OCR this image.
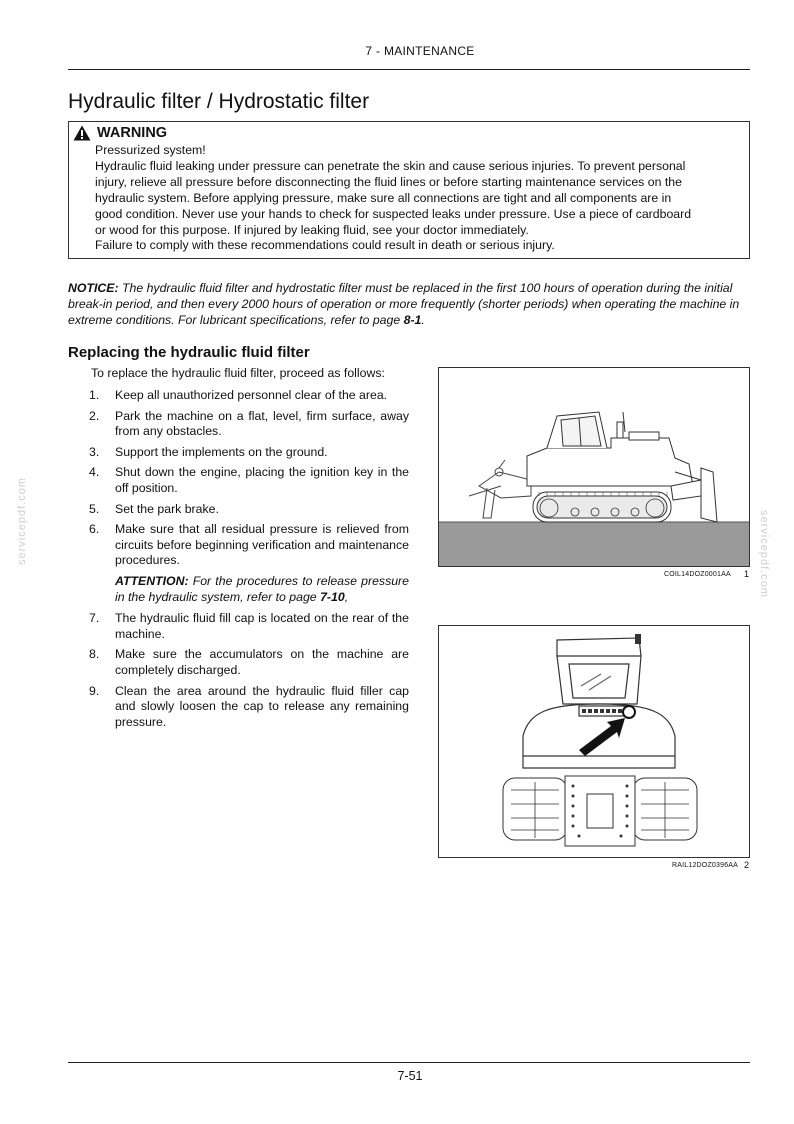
7 - MAINTENANCE
Hydraulic filter / Hydrostatic filter
WARNING
Pressurized system!
Hydraulic fluid leaking under pressure can penetrate the skin and cause serious injuries. To prevent personal
injury, relieve all pressure before disconnecting the fluid lines or before starting maintenance services on the
hydraulic system. Before applying pressure, make sure all connections are tight and all components are in
good condition. Never use your hands to check for suspected leaks under pressure. Use a piece of cardboard
or wood for this purpose. If injured by leaking fluid, see your doctor immediately.
Failure to comply with these recommendations could result in death or serious injury.

NOTICE: The hydraulic fluid filter and hydrostatic filter must be replaced in the first 100 hours of operation during the initial break-in period, and then every 2000 hours of operation or more frequently (shorter periods) when operating the machine in extreme conditions. For lubricant specifications, refer to page 8-1.

Replacing the hydraulic fluid filter
To replace the hydraulic fluid filter, proceed as follows:
1. Keep all unauthorized personnel clear of the area.
2. Park the machine on a flat, level, firm surface, away from any obstacles.
3. Support the implements on the ground.
4. Shut down the engine, placing the ignition key in the off position.
5. Set the park brake.
6. Make sure that all residual pressure is relieved from circuits before beginning verification and maintenance procedures.
ATTENTION: For the procedures to release pressure in the hydraulic system, refer to page 7-10,
7. The hydraulic fluid fill cap is located on the rear of the machine.
8. Make sure the accumulators on the machine are completely discharged.
9. Clean the area around the hydraulic fluid filler cap and slowly loosen the cap to release any remaining pressure.
COIL14DOZ0001AA 1
RAIL12DOZ0396AA 2
servicepdf.com	servicepdf.com
7-51
